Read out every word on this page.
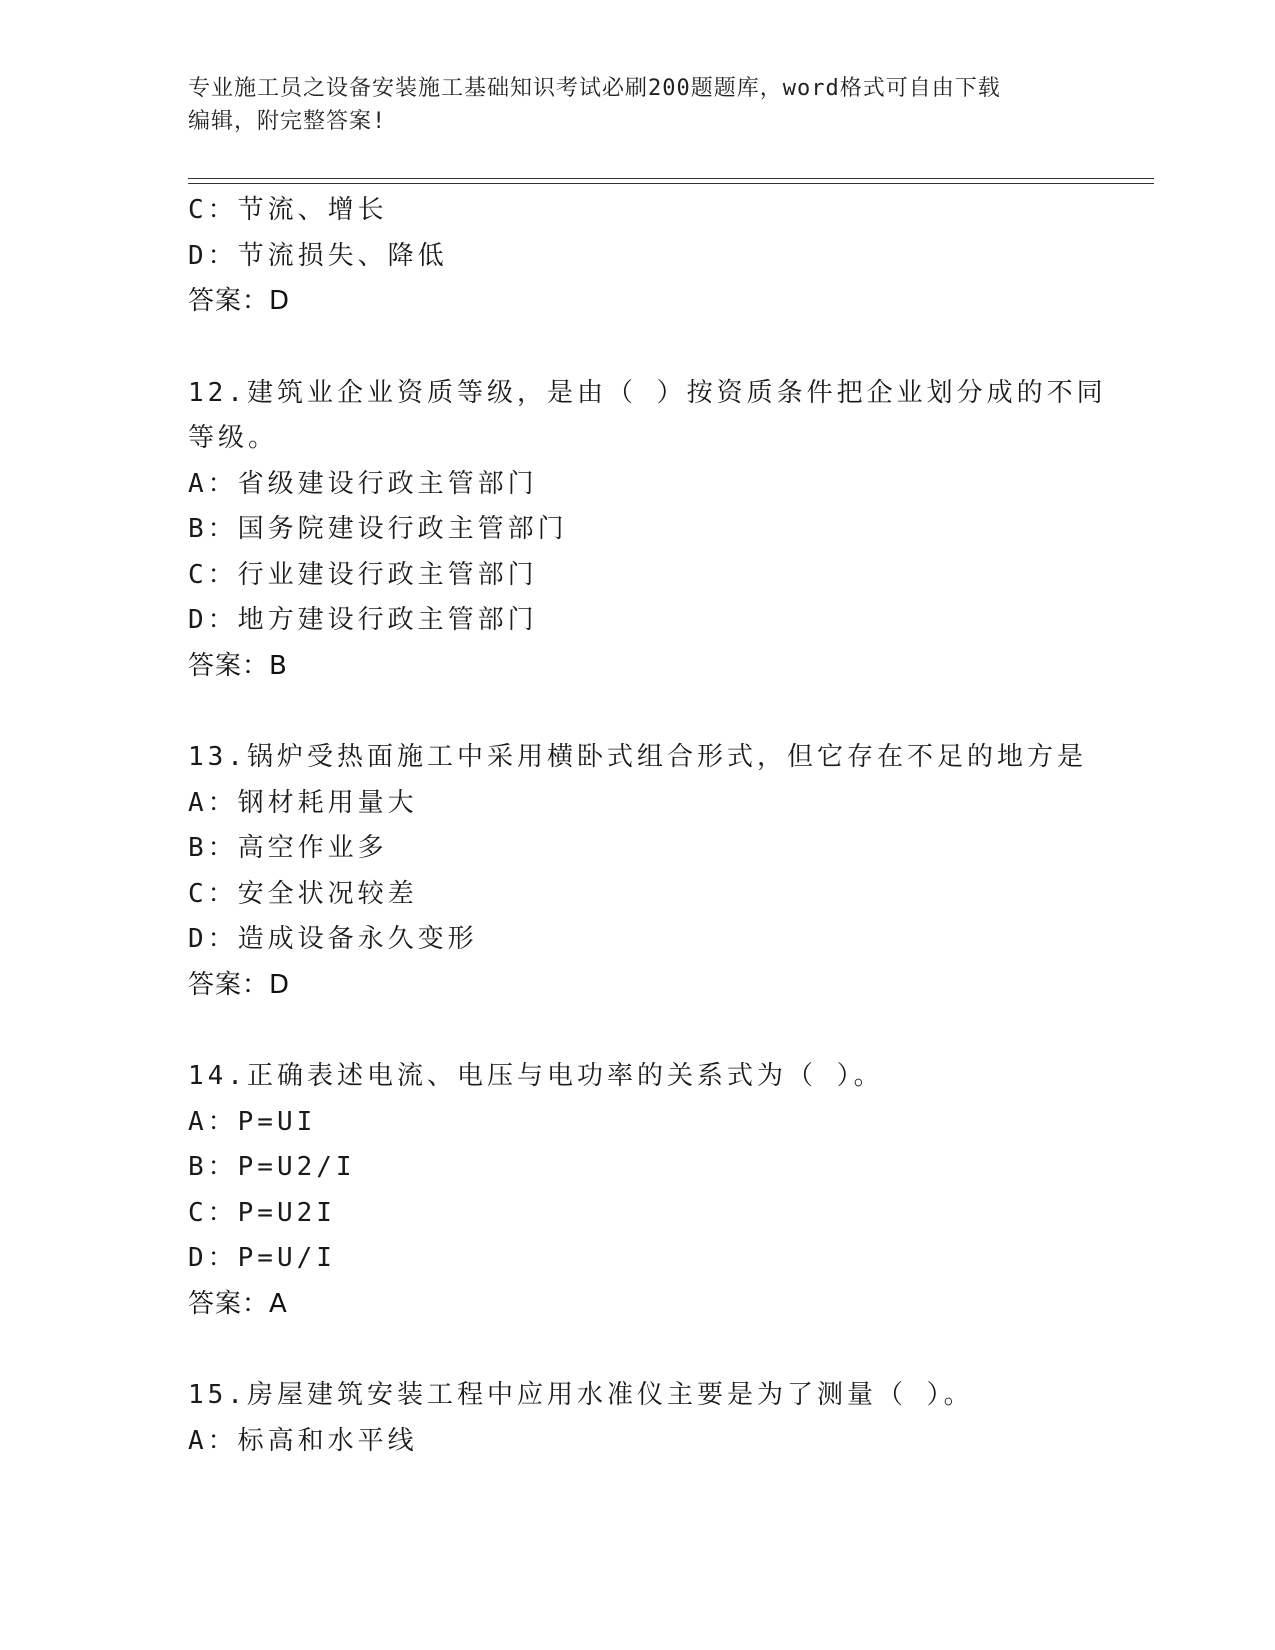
专业施工员之设备安装施工基础知识考试必刷200题题库，word格式可自由下载
编辑，附完整答案!
C：节流、增长
D：节流损失、降低
答案：D
12.建筑业企业资质等级，是由（ ）按资质条件把企业划分成的不同
等级。
A：省级建设行政主管部门
B：国务院建设行政主管部门
C：行业建设行政主管部门
D：地方建设行政主管部门
答案：B
13.锅炉受热面施工中采用横卧式组合形式，但它存在不足的地方是
A：钢材耗用量大
B：高空作业多
C：安全状况较差
D：造成设备永久变形
答案：D
14.正确表述电流、电压与电功率的关系式为（ ）。
A：P=UI
B：P=U2/I
C：P=U2I
D：P=U/I
答案：A
15.房屋建筑安装工程中应用水准仪主要是为了测量（ ）。
A：标高和水平线
